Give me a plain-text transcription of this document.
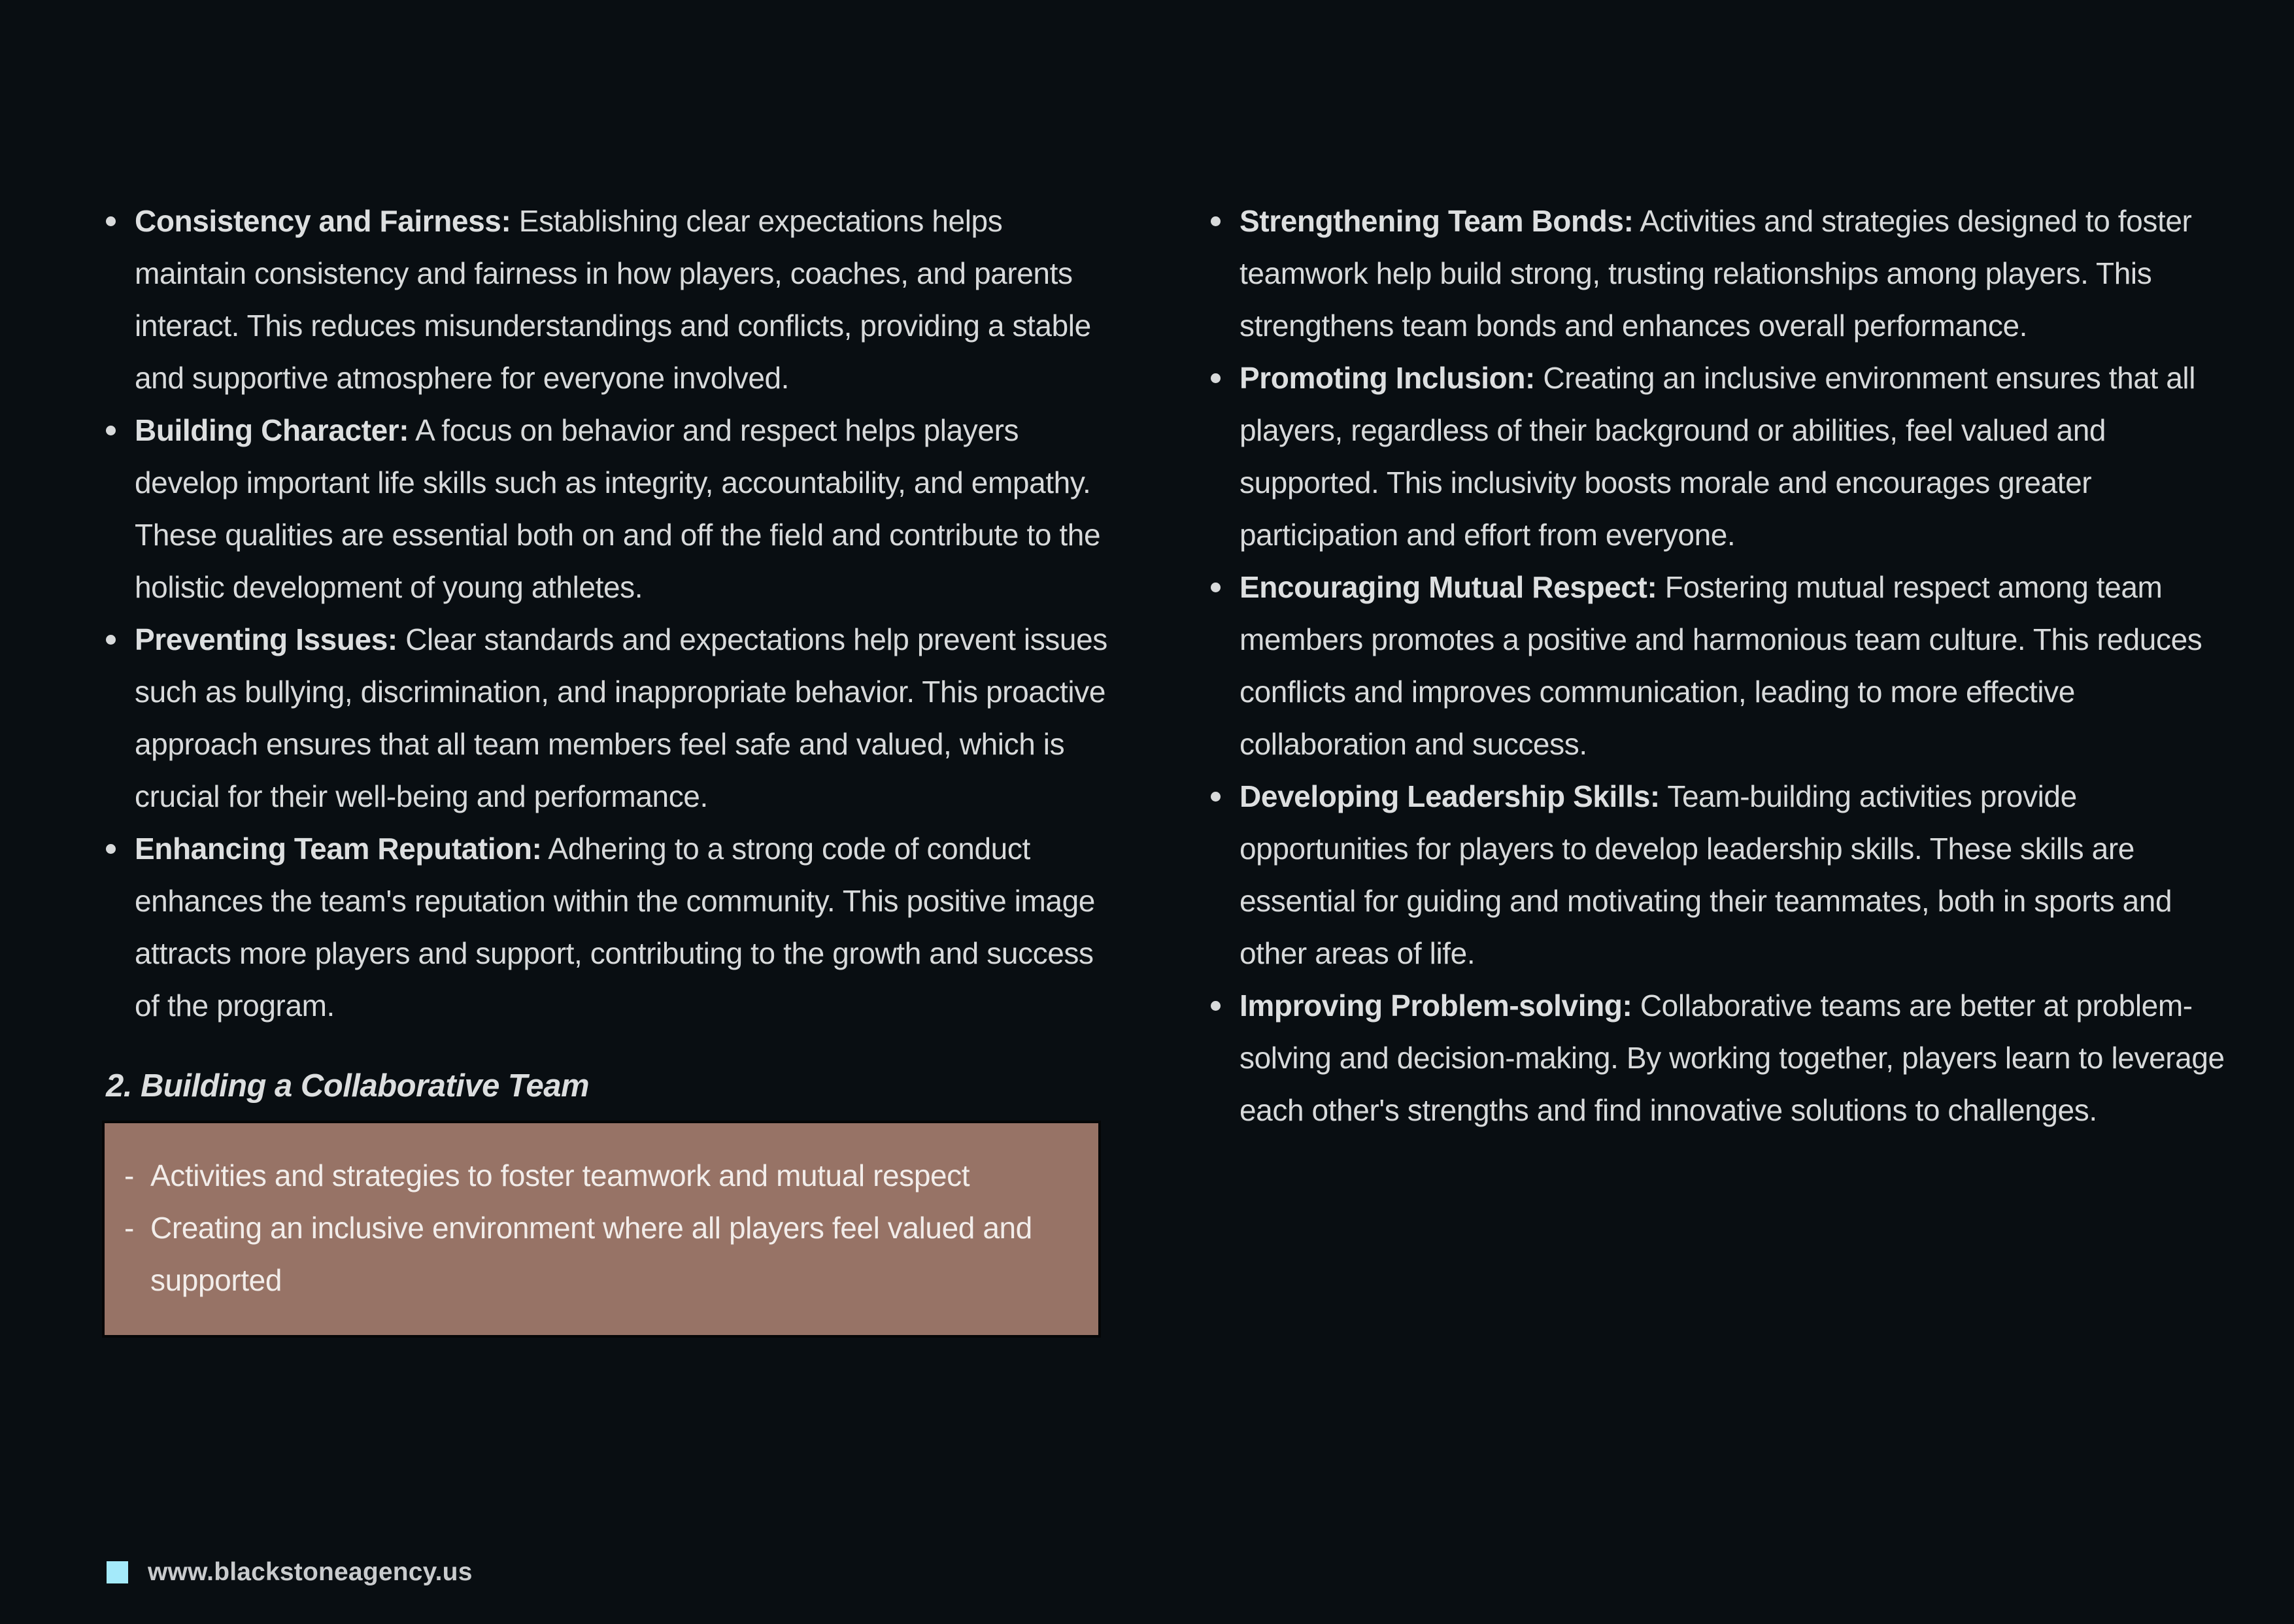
Consistency and Fairness: Establishing clear expectations helps maintain consistency and fairness in how players, coaches, and parents interact. This reduces misunderstandings and conflicts, providing a stable and supportive atmosphere for everyone involved.
Building Character: A focus on behavior and respect helps players develop important life skills such as integrity, accountability, and empathy. These qualities are essential both on and off the field and contribute to the holistic development of young athletes.
Preventing Issues: Clear standards and expectations help prevent issues such as bullying, discrimination, and inappropriate behavior. This proactive approach ensures that all team members feel safe and valued, which is crucial for their well-being and performance.
Enhancing Team Reputation: Adhering to a strong code of conduct enhances the team's reputation within the community. This positive image attracts more players and support, contributing to the growth and success of the program.
2. Building a Collaborative Team
- Activities and strategies to foster teamwork and mutual respect
- Creating an inclusive environment where all players feel valued and supported
Strengthening Team Bonds: Activities and strategies designed to foster teamwork help build strong, trusting relationships among players. This strengthens team bonds and enhances overall performance.
Promoting Inclusion: Creating an inclusive environment ensures that all players, regardless of their background or abilities, feel valued and supported. This inclusivity boosts morale and encourages greater participation and effort from everyone.
Encouraging Mutual Respect: Fostering mutual respect among team members promotes a positive and harmonious team culture. This reduces conflicts and improves communication, leading to more effective collaboration and success.
Developing Leadership Skills: Team-building activities provide opportunities for players to develop leadership skills. These skills are essential for guiding and motivating their teammates, both in sports and other areas of life.
Improving Problem-solving: Collaborative teams are better at problem-solving and decision-making. By working together, players learn to leverage each other's strengths and find innovative solutions to challenges.
www.blackstoneagency.us
